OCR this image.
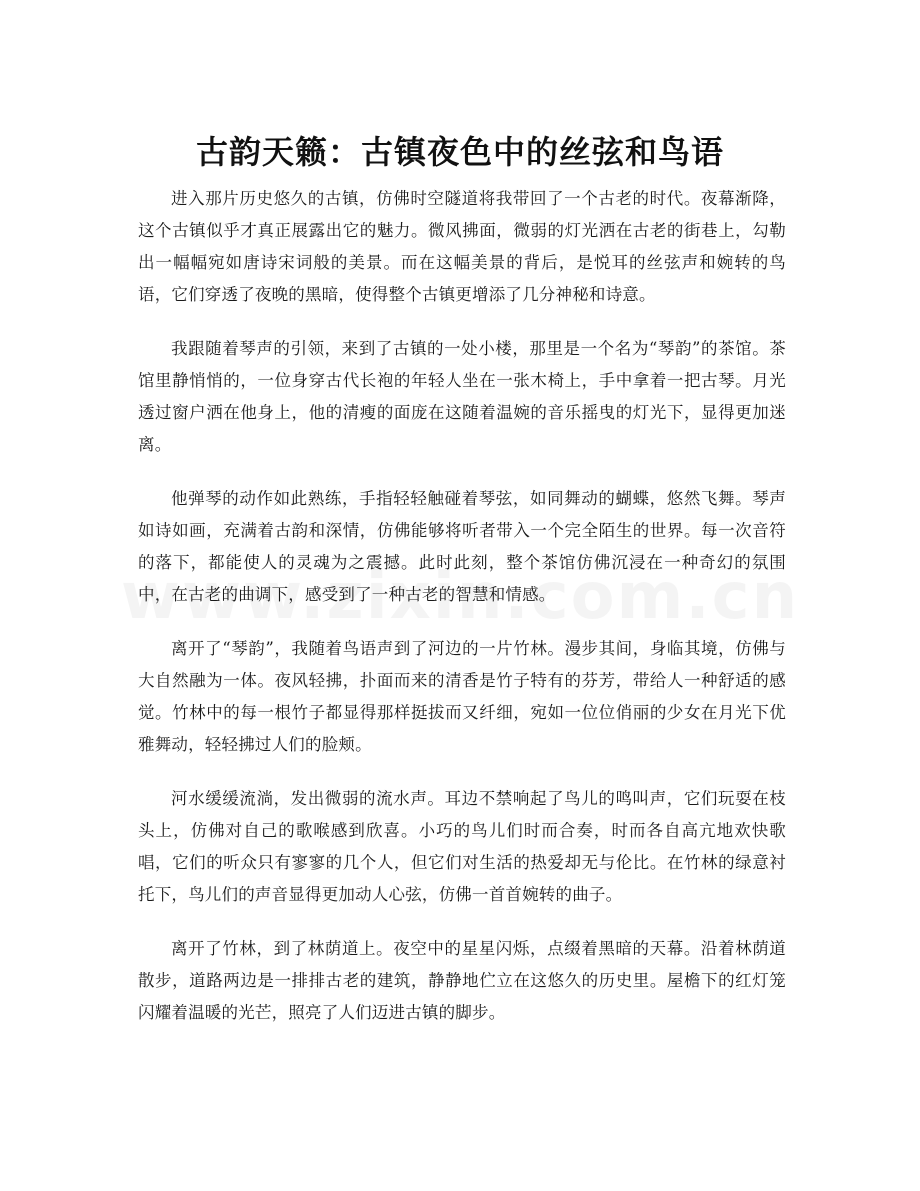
古韵天籁：古镇夜色中的丝弦和鸟语

进入那片历史悠久的古镇，仿佛时空隧道将我带回了一个古老的时代。夜幕渐降，这个古镇似乎才真正展露出它的魅力。微风拂面，微弱的灯光洒在古老的街巷上，勾勒出一幅幅宛如唐诗宋词般的美景。而在这幅美景的背后，是悦耳的丝弦声和婉转的鸟语，它们穿透了夜晚的黑暗，使得整个古镇更增添了几分神秘和诗意。

我跟随着琴声的引领，来到了古镇的一处小楼，那里是一个名为“琴韵”的茶馆。茶馆里静悄悄的，一位身穿古代长袍的年轻人坐在一张木椅上，手中拿着一把古琴。月光透过窗户洒在他身上，他的清瘦的面庞在这随着温婉的音乐摇曳的灯光下，显得更加迷离。

他弹琴的动作如此熟练，手指轻轻触碰着琴弦，如同舞动的蝴蝶，悠然飞舞。琴声如诗如画，充满着古韵和深情，仿佛能够将听者带入一个完全陌生的世界。每一次音符的落下，都能使人的灵魂为之震撼。此时此刻，整个茶馆仿佛沉浸在一种奇幻的氛围中，在古老的曲调下，感受到了一种古老的智慧和情感。

离开了“琴韵”，我随着鸟语声到了河边的一片竹林。漫步其间，身临其境，仿佛与大自然融为一体。夜风轻拂，扑面而来的清香是竹子特有的芬芳，带给人一种舒适的感觉。竹林中的每一根竹子都显得那样挺拔而又纤细，宛如一位位俏丽的少女在月光下优雅舞动，轻轻拂过人们的脸颊。

河水缓缓流淌，发出微弱的流水声。耳边不禁响起了鸟儿的鸣叫声，它们玩耍在枝头上，仿佛对自己的歌喉感到欣喜。小巧的鸟儿们时而合奏，时而各自高亢地欢快歌唱，它们的听众只有寥寥的几个人，但它们对生活的热爱却无与伦比。在竹林的绿意衬托下，鸟儿们的声音显得更加动人心弦，仿佛一首首婉转的曲子。

离开了竹林，到了林荫道上。夜空中的星星闪烁，点缀着黑暗的天幕。沿着林荫道散步，道路两边是一排排古老的建筑，静静地伫立在这悠久的历史里。屋檐下的红灯笼闪耀着温暖的光芒，照亮了人们迈进古镇的脚步。
